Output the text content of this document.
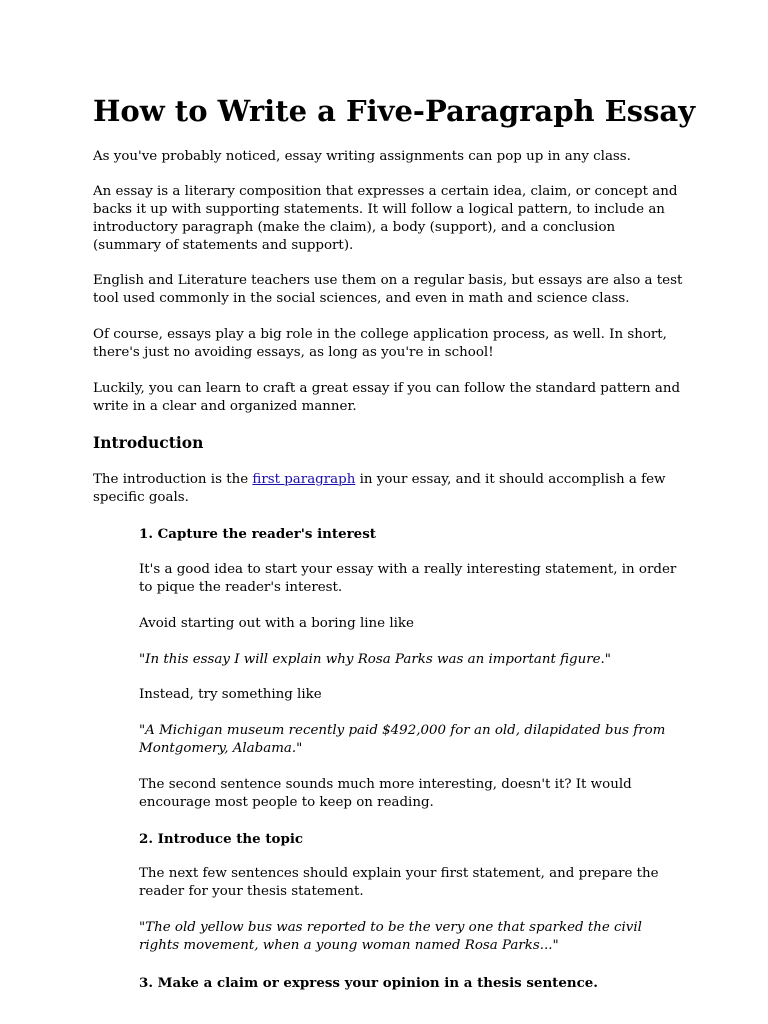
How to Write a Five-Paragraph Essay

As you've probably noticed, essay writing assignments can pop up in any class.

An essay is a literary composition that expresses a certain idea, claim, or concept and backs it up with supporting statements. It will follow a logical pattern, to include an introductory paragraph (make the claim), a body (support), and a conclusion (summary of statements and support).

English and Literature teachers use them on a regular basis, but essays are also a test tool used commonly in the social sciences, and even in math and science class.

Of course, essays play a big role in the college application process, as well. In short, there's just no avoiding essays, as long as you're in school!

Luckily, you can learn to craft a great essay if you can follow the standard pattern and write in a clear and organized manner.

Introduction

The introduction is the first paragraph in your essay, and it should accomplish a few specific goals.

1. Capture the reader's interest

It's a good idea to start your essay with a really interesting statement, in order to pique the reader's interest.

Avoid starting out with a boring line like

"In this essay I will explain why Rosa Parks was an important figure."

Instead, try something like

"A Michigan museum recently paid $492,000 for an old, dilapidated bus from Montgomery, Alabama."

The second sentence sounds much more interesting, doesn't it? It would encourage most people to keep on reading.

2. Introduce the topic

The next few sentences should explain your first statement, and prepare the reader for your thesis statement.

"The old yellow bus was reported to be the very one that sparked the civil rights movement, when a young woman named Rosa Parks..."

3. Make a claim or express your opinion in a thesis sentence.
